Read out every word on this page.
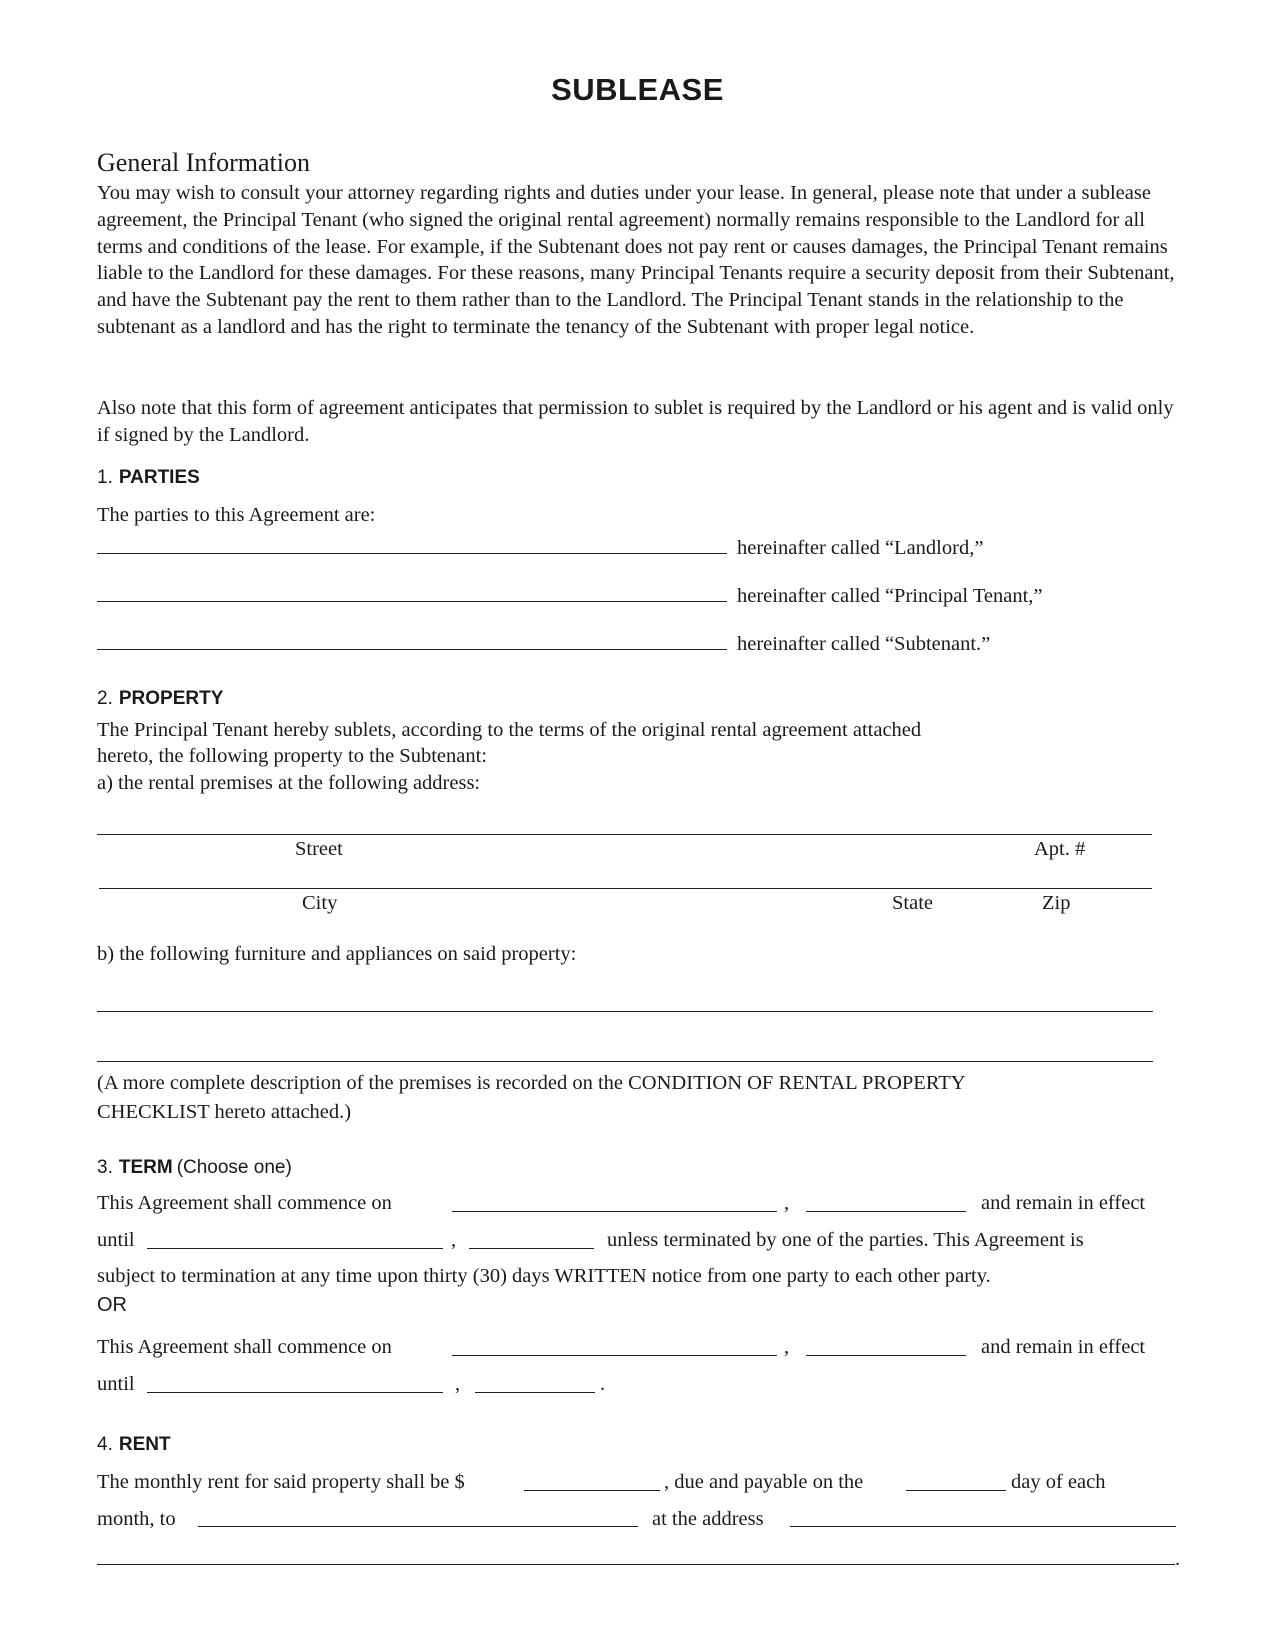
SUBLEASE
General Information
You may wish to consult your attorney regarding rights and duties under your lease. In general, please note that under a sublease agreement, the Principal Tenant (who signed the original rental agreement) normally remains responsible to the Landlord for all terms and conditions of the lease. For example, if the Subtenant does not pay rent or causes damages, the Principal Tenant remains liable to the Landlord for these damages. For these reasons, many Principal Tenants require a security deposit from their Subtenant, and have the Subtenant pay the rent to them rather than to the Landlord. The Principal Tenant stands in the relationship to the subtenant as a landlord and has the right to terminate the tenancy of the Subtenant with proper legal notice.
Also note that this form of agreement anticipates that permission to sublet is required by the Landlord or his agent and is valid only if signed by the Landlord.
1. PARTIES
The parties to this Agreement are:
hereinafter called “Landlord,”
hereinafter called “Principal Tenant,”
hereinafter called “Subtenant.”
2. PROPERTY
The Principal Tenant hereby sublets, according to the terms of the original rental agreement attached
hereto, the following property to the Subtenant:
a) the rental premises at the following address:
Street	Apt. #
City	State	Zip
b) the following furniture and appliances on said property:
(A more complete description of the premises is recorded on the CONDITION OF RENTAL PROPERTY
CHECKLIST hereto attached.)
3. TERM (Choose one)
This Agreement shall commence on	,	and remain in effect
until	,	unless terminated by one of the parties. This Agreement is
subject to termination at any time upon thirty (30) days WRITTEN notice from one party to each other party.
OR
This Agreement shall commence on	,	and remain in effect
until	,	.
4. RENT
The monthly rent for said property shall be $	, due and payable on the	day of each
month, to	at the address
.
